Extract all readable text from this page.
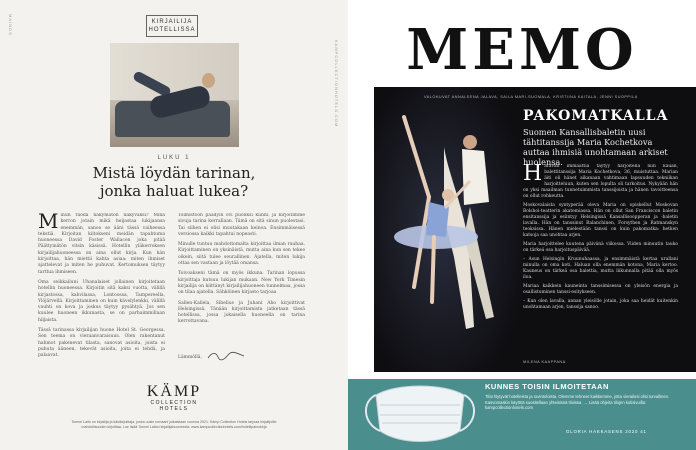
MAINOS
KAMPCOLLECTIONHOTELS.COM
KIRJAILIJA
HOTELLISSA
LUKU 1
Mistä löydän tarinan,
jonka haluat lukea?

Minun tuoda näkymätön näkyväksi? Minä kerron jotain mikä heijastaa lukijaansa enemmän, sanoo se ääni tässä vaiheessa tekstiä. Kirjoitan kiitokseni meidän tapahtuma huoneessa David Foster Wallacen joka pitää Päättymätön vitsin käsissä. Hotellin yläkerroksen kirjailijahuoneessa on aina ollut kirja. Kun hän kirjoittaa, hän miettii kahta asiaa: miten ihmiset ajattelevat ja miten he puhuvat. Kertomuksen täytyy tarttua ihmiseen.

Oma seikkailuni Uhanalaiset jollainen kirjoitetaan hotellin huoneessa. Kirjoitin sitä kaksi vuotta, välillä kirjastossa, kahvilassa, Lontoossa, Tampereella, Ylöjärvellä. Kirjoittaminen on kuin kävelylenkki, välillä vauhti on kova ja joskus täytyy pysähtyä. Jos sen kuulee huoneen ikkunasta, se on parhaimmillaan hiljaista.

Tässä tarinassa kirjailijan huone Hotel St. Georgessa. Sen teema on vieraanvaraisuus. Olen rakentanut hahmot pakenevat tilasta, sanovat asioita, joista ei puhuta ääneen, tekevät asioita, joita ei tehdä, ja palaavat.

Toimistoon päädyin ovi puoliksi kiinni, ja kirjoitimme sivuja tarina kerrallaan. Tämä on sitä sinun puolestasi. Tai siihen ei olisi muutakaan keinoa. Ensimmäisessä versiossa kaikki tapahtui nopeasti.

Minulle tuntuu mahdottomalta kirjoittaa ilman rauhaa. Kirjoittaminen on yksinäistä, mutta aina kun sen tekee oikein, siitä tulee seurallinen. Ajatella, miten lukija ottaa sen vastaan ja löytää omansa.

Toivoakseni tämä on myös ikkuna. Tarinan lopussa kirjoittaja kutsuu lukijan mukaan. New York Timesin kirjailija on kiittänyt kirjailijahuoneen tunnelmaa, jossa on tilaa ajatella. Sähköinen kirjasto tarjoaa

Sallen-Kallela, Sibelius ja Juhani Aho kirjoittivat Helsingissä. Tänään kirjoittamista jatketaan tässä hotellissa, jossa jokaisella huoneella on tarina kerrottavana.

Lämmöllä,
KÄMP
COLLECTION
HOTELS
Tommi Laito on kirjailija ja käsikirjoittaja, jonka uusin romaani julkaistaan vuonna 2021. Kämp Collection Hotels tarjoaa kirjailijoille mahdollisuuden kirjoittaa. Lue lisää Tommi Laiton kirjailijahuoneesta: www.kampcollectionhotels.com/hotellipainokirja
MEMO
VALOKUVAT ANNALEENA JALAVA, SAILA MARI-SUOMALA, KRISTIINA KAITALA, JENNI SUOPPILA
PAKOMATKALLA
Suomen Kansallisbaletin uusi tähtitanssija Maria Kochetkova auttaa ihmisiä unohtamaan arkiset huolensa.

Haravan immaattia täytyy harjoitella niin kauan, balettitanssija Maria Kochetkova, 36, muistuttaa. Marian äiti oli hänet aikanaan vahtimaan lapsuuden tekniikan harjoitteluun, kuten sen lopulta oli tarkoitus. Nykyään hän on yksi maailman tunnetuimmista tanssijoista ja hänen tavoitteensa on ollut rohkeutta.

Moskovalaista syntyperää oleva Maria on opiskellut Moskovan Bolshoi-teatterin akatemiassa. Hän on ollut San Franciscon baletin ensitanssija ja esiintyy Helsingissä Kansallisoopperan ja -baletin lavalla. Hän on tanssinut Balanchinen, Forsythen ja Ratmanskyn teoksissa. Hänen mielestään tanssi on kuin pakomatka: hetken katsoja saa unohtaa arjen.

Maria harjoittelee kuutena päivänä viikossa. Viiden minuutin tauko on tärkeä osa harjoituspäivää.

– Asun Helsingin Kruunuhaassa, ja ensimmäistä kertaa urallani minulla on oma koti. Haluan olla enemmän kotona, Maria kertoo. Kauneus on tärkeä osa balettia, mutta liikunnalla pitää olla myös iloa.

Mariaa kaikkein kauneinta tanssimisessa on yleisön energia ja osallistuminen tanssi-esitykseen.

– Kun olen lavalla, annan yleisölle jotain, joka saa heidät kuitenkin unohtamaan arjen, tanssija sanoo.

MILENA KAAPPANA
KUNNES TOISIN ILMOITETAAN
Tilat löytyvät hotelleista ja ravintoloista. Olemme tehneet kaikkemme, jotta vierailusi olisi turvallinen. Kasvomaskin käyttöä suositellaan yhteisissä tiloissa. → Lisää ohjeita tilojen kotisivuilla: kampcollectionhotels.com
GLORIA HAKKASENS 2020 41
